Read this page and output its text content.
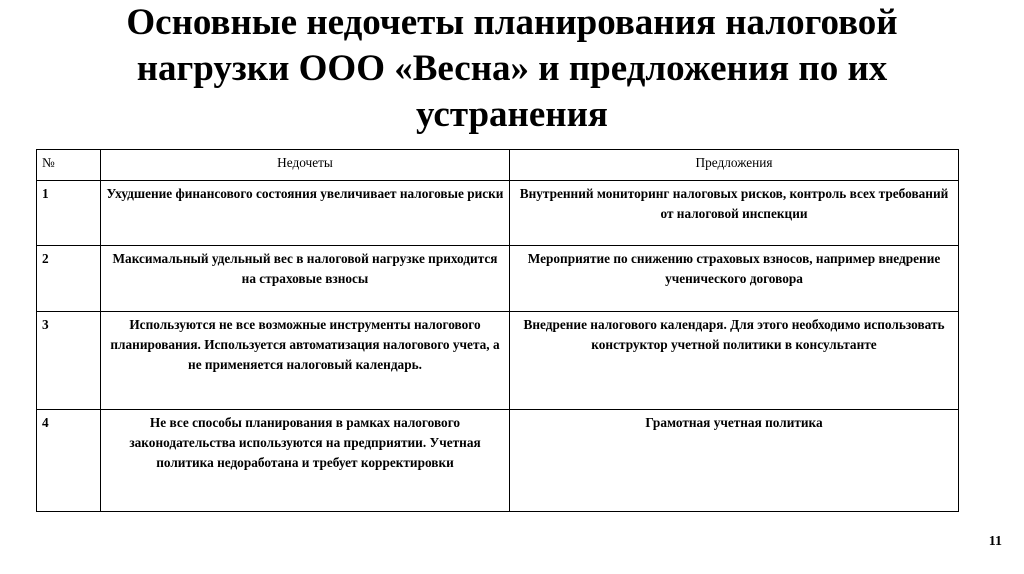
Основные недочеты планирования налоговой
нагрузки ООО «Весна» и предложения по их
устранения
№	Недочеты	Предложения
1	Ухудшение финансового состояния увеличивает налоговые риски	Внутренний мониторинг налоговых рисков, контроль всех требований от налоговой инспекции
2	Максимальный удельный вес в налоговой нагрузке приходится на страховые взносы	Мероприятие по снижению страховых взносов, например внедрение ученического договора
3	Используются не все возможные инструменты налогового планирования. Используется автоматизация налогового учета, а не применяется налоговый календарь.	Внедрение налогового календаря. Для этого необходимо использовать конструктор учетной политики в консультанте
4	Не все способы планирования в рамках налогового законодательства используются на предприятии. Учетная политика недоработана и требует корректировки	Грамотная учетная политика
11
